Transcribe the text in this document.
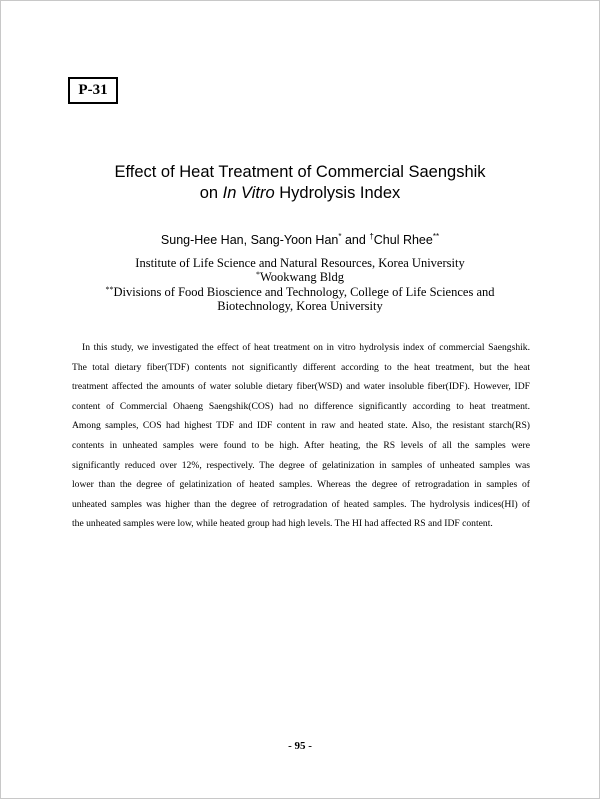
P-31
Effect of Heat Treatment of Commercial Saengshik
on In Vitro Hydrolysis Index
Sung-Hee Han, Sang-Yoon Han* and †Chul Rhee**
Institute of Life Science and Natural Resources, Korea University
*Wookwang Bldg
**Divisions of Food Bioscience and Technology, College of Life Sciences and
Biotechnology, Korea University
In this study, we investigated the effect of heat treatment on in vitro hydrolysis index of commercial Saengshik.
The total dietary fiber(TDF) contents not significantly different according to the heat treatment, but the heat
treatment affected the amounts of water soluble dietary fiber(WSD) and water insoluble fiber(IDF). However, IDF
content of Commercial Ohaeng Saengshik(COS) had no difference significantly according to heat treatment.
Among samples, COS had highest TDF and IDF content in raw and heated state. Also, the resistant starch(RS)
contents in unheated samples were found to be high. After heating, the RS levels of all the samples were
significantly reduced over 12%, respectively. The degree of gelatinization in samples of unheated samples was
lower than the degree of gelatinization of heated samples. Whereas the degree of retrogradation in samples of
unheated samples was higher than the degree of retrogradation of heated samples. The hydrolysis indices(HI) of
the unheated samples were low, while heated group had high levels. The HI had affected RS and IDF content.
- 95 -
